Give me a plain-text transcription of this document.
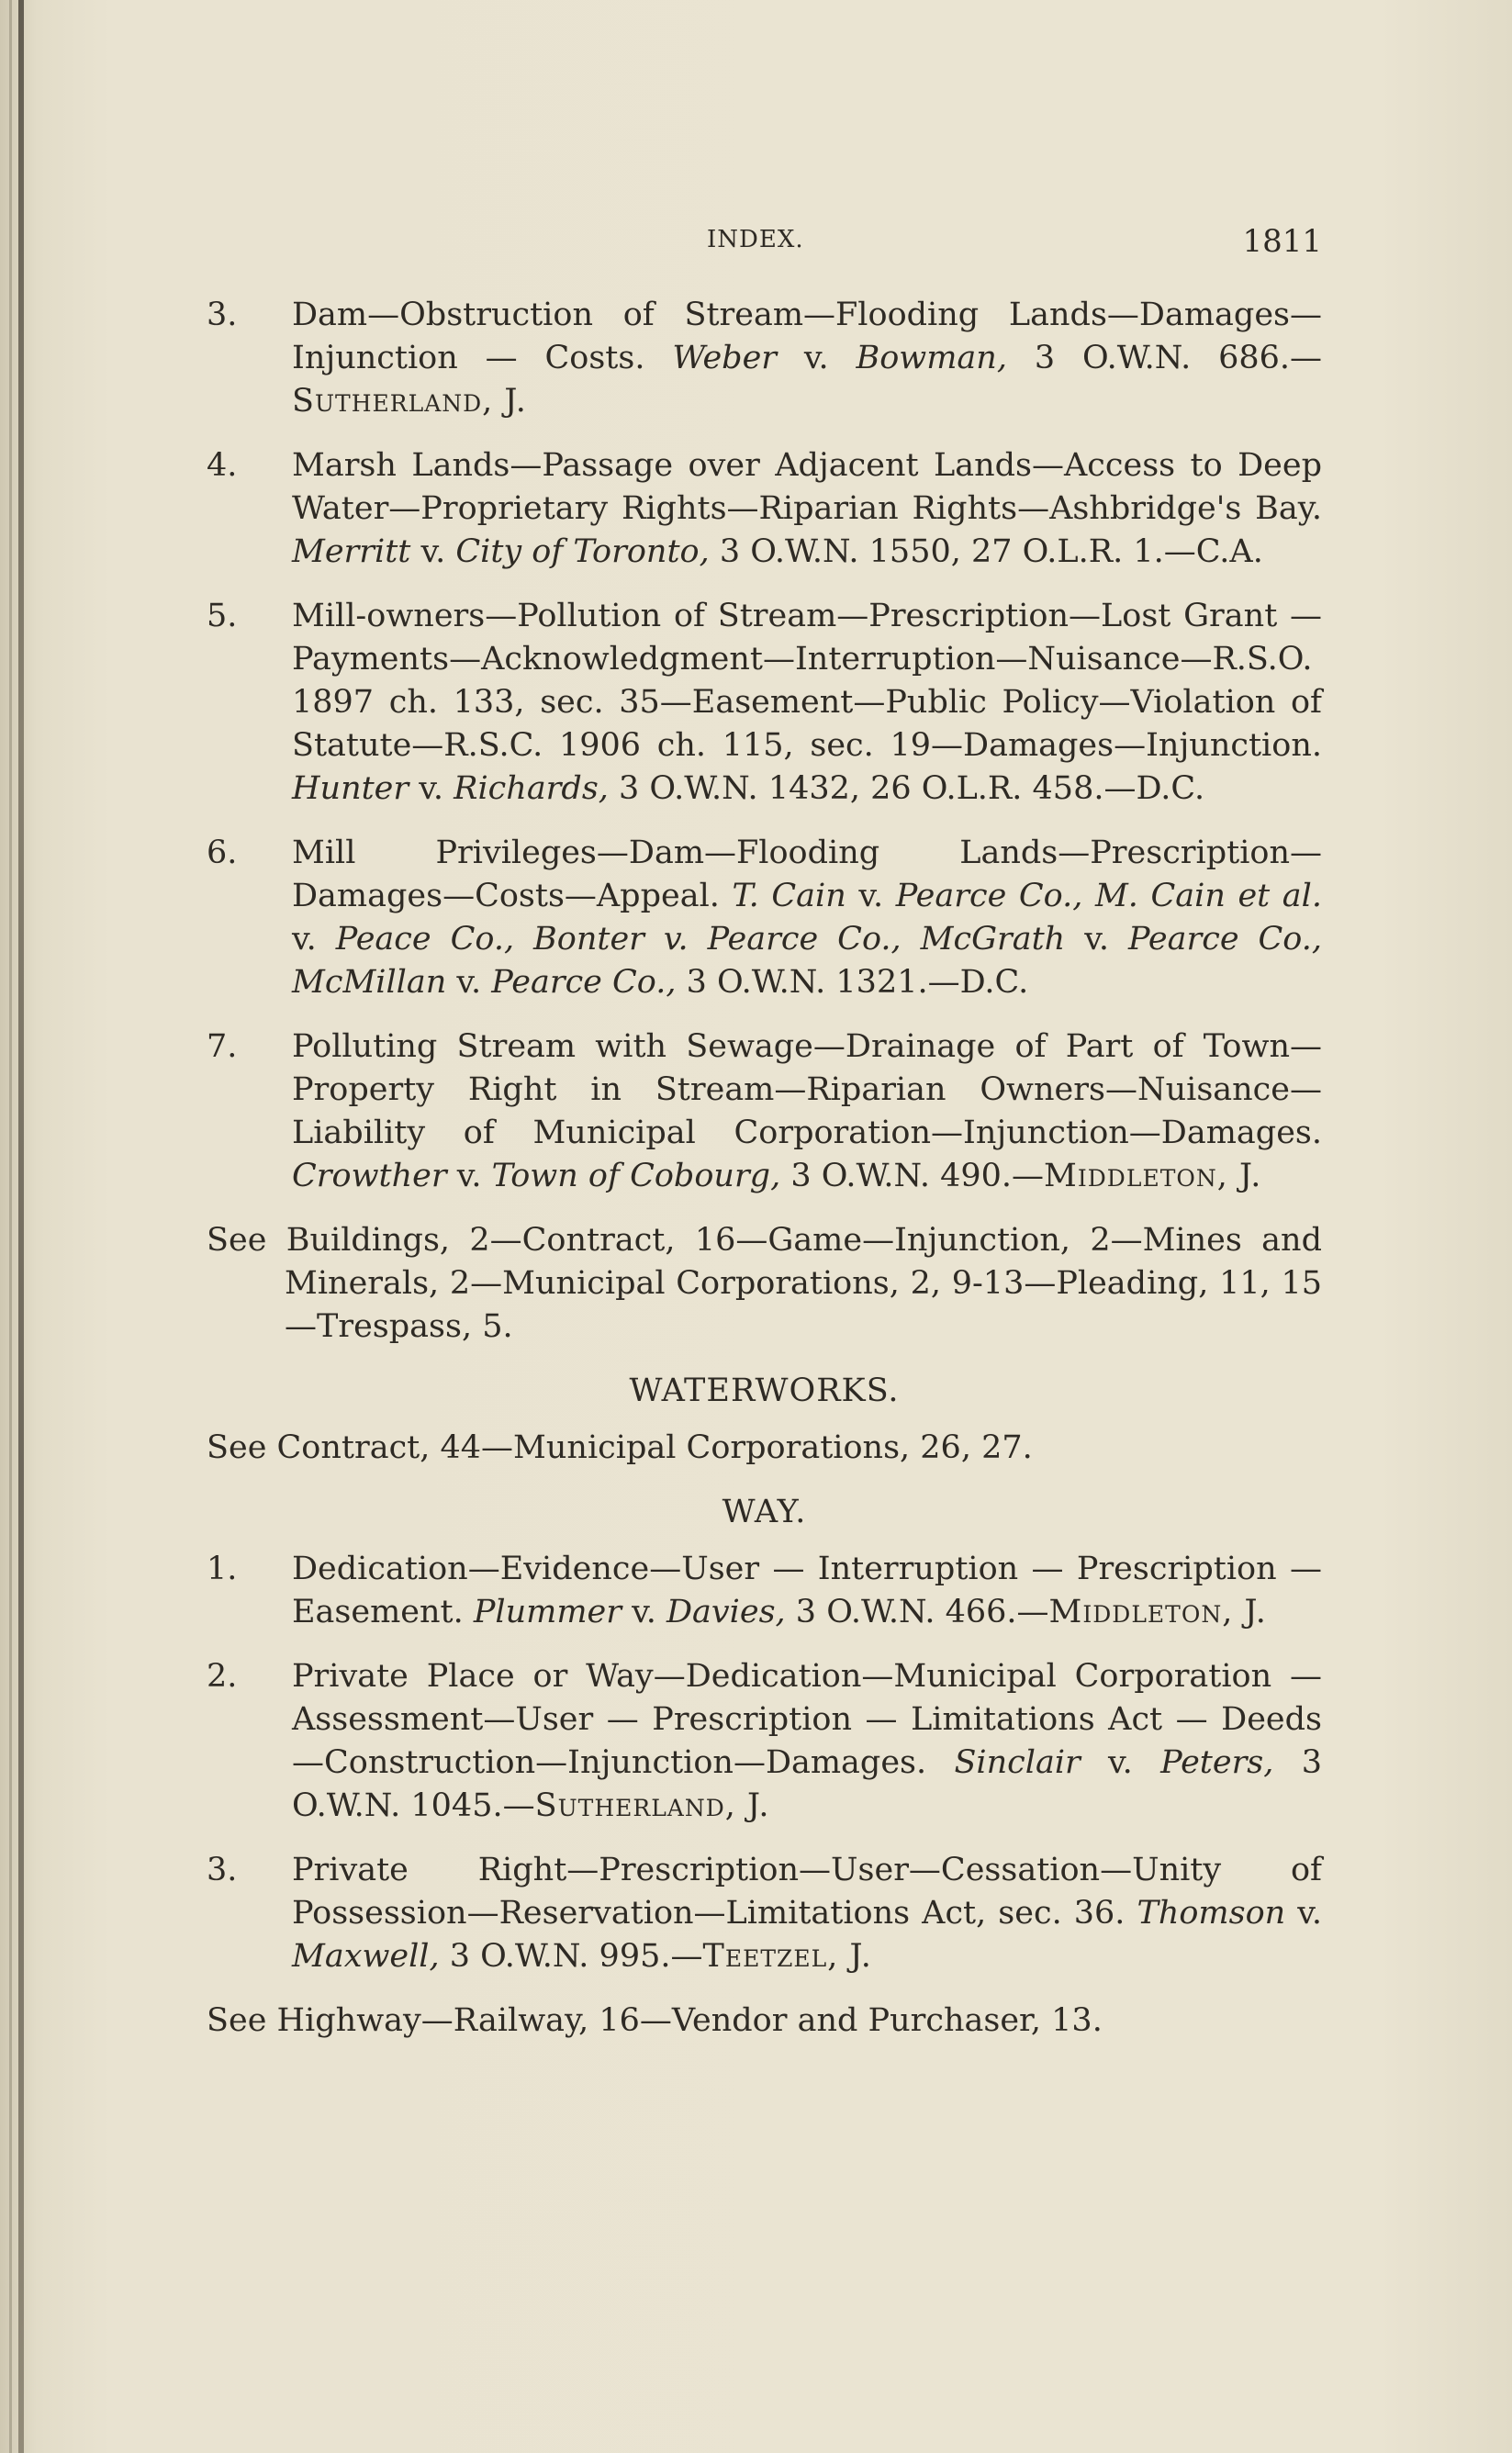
INDEX.	1811
3. Dam—Obstruction of Stream—Flooding Lands—Damages—Injunction — Costs. Weber v. Bowman, 3 O.W.N. 686.—Sutherland, J.
4. Marsh Lands—Passage over Adjacent Lands—Access to Deep Water—Proprietary Rights—Riparian Rights—Ashbridge's Bay. Merritt v. City of Toronto, 3 O.W.N. 1550, 27 O.L.R. 1.—C.A.
5. Mill-owners—Pollution of Stream—Prescription—Lost Grant —Payments—Acknowledgment—Interruption—Nuisance—R.S.O. 1897 ch. 133, sec. 35—Easement—Public Policy—Violation of Statute—R.S.C. 1906 ch. 115, sec. 19—Damages—Injunction. Hunter v. Richards, 3 O.W.N. 1432, 26 O.L.R. 458.—D.C.
6. Mill Privileges—Dam—Flooding Lands—Prescription—Damages—Costs—Appeal. T. Cain v. Pearce Co., M. Cain et al. v. Peace Co., Bonter v. Pearce Co., McGrath v. Pearce Co., McMillan v. Pearce Co., 3 O.W.N. 1321.—D.C.
7. Polluting Stream with Sewage—Drainage of Part of Town—Property Right in Stream—Riparian Owners—Nuisance—Liability of Municipal Corporation—Injunction—Damages. Crowther v. Town of Cobourg, 3 O.W.N. 490.—Middleton, J.
See Buildings, 2—Contract, 16—Game—Injunction, 2—Mines and Minerals, 2—Municipal Corporations, 2, 9-13—Pleading, 11, 15—Trespass, 5.
WATERWORKS.
See Contract, 44—Municipal Corporations, 26, 27.
WAY.
1. Dedication—Evidence—User — Interruption — Prescription —Easement. Plummer v. Davies, 3 O.W.N. 466.—Middleton, J.
2. Private Place or Way—Dedication—Municipal Corporation —Assessment—User — Prescription — Limitations Act — Deeds—Construction—Injunction—Damages. Sinclair v. Peters, 3 O.W.N. 1045.—Sutherland, J.
3. Private Right—Prescription—User—Cessation—Unity of Possession—Reservation—Limitations Act, sec. 36. Thomson v. Maxwell, 3 O.W.N. 995.—Teetzel, J.
See Highway—Railway, 16—Vendor and Purchaser, 13.
